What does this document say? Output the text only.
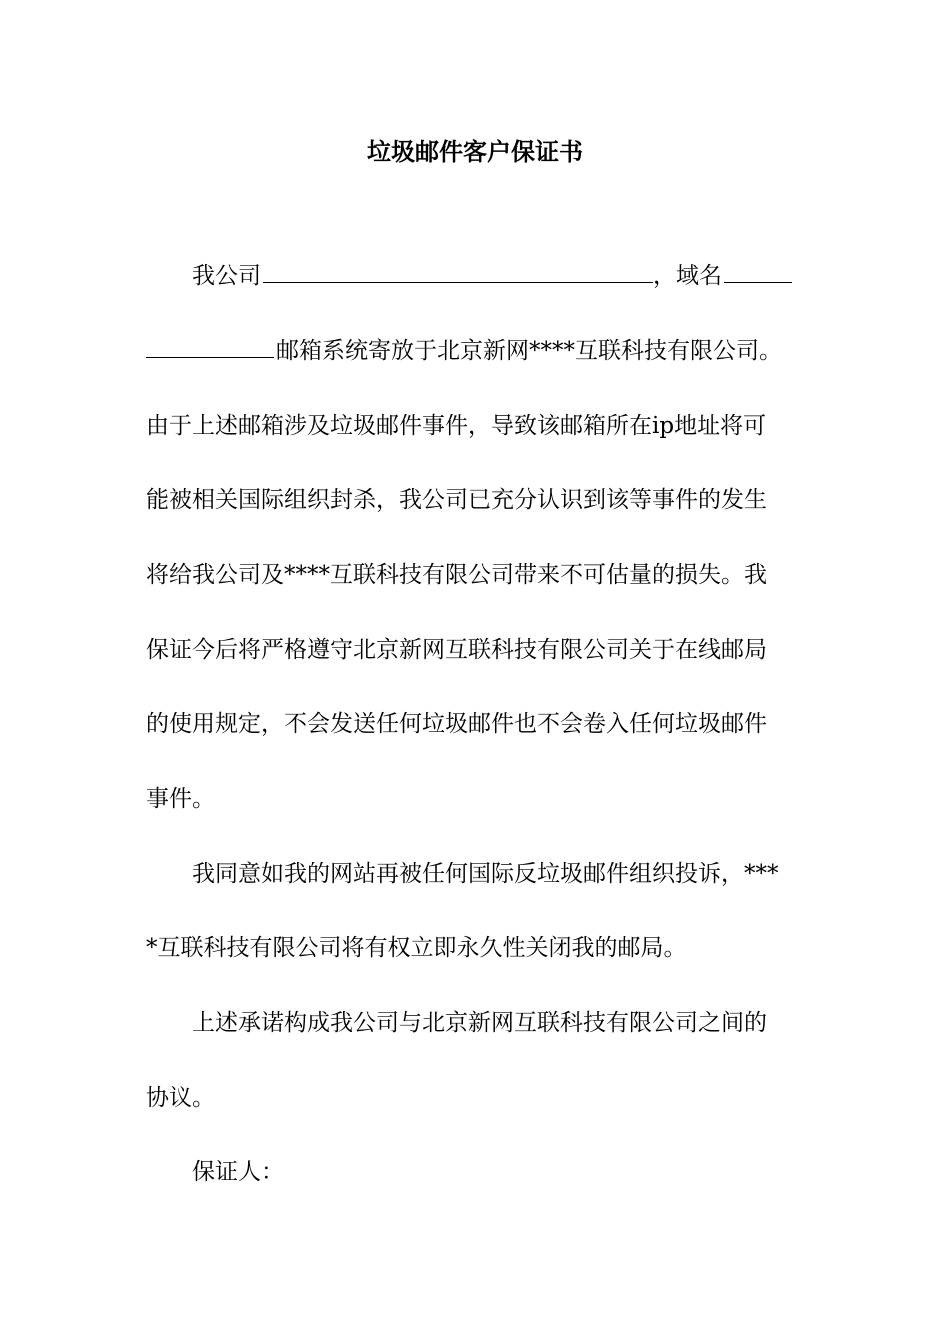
垃圾邮件客户保证书
我公司	，域名
邮箱系统寄放于北京新网****互联科技有限公司。
由于上述邮箱涉及垃圾邮件事件，导致该邮箱所在ip地址将可
能被相关国际组织封杀，我公司已充分认识到该等事件的发生
将给我公司及****互联科技有限公司带来不可估量的损失。我
保证今后将严格遵守北京新网互联科技有限公司关于在线邮局
的使用规定，不会发送任何垃圾邮件也不会卷入任何垃圾邮件
事件。
我同意如我的网站再被任何国际反垃圾邮件组织投诉，***
*互联科技有限公司将有权立即永久性关闭我的邮局。
上述承诺构成我公司与北京新网互联科技有限公司之间的
协议。
保证人：
